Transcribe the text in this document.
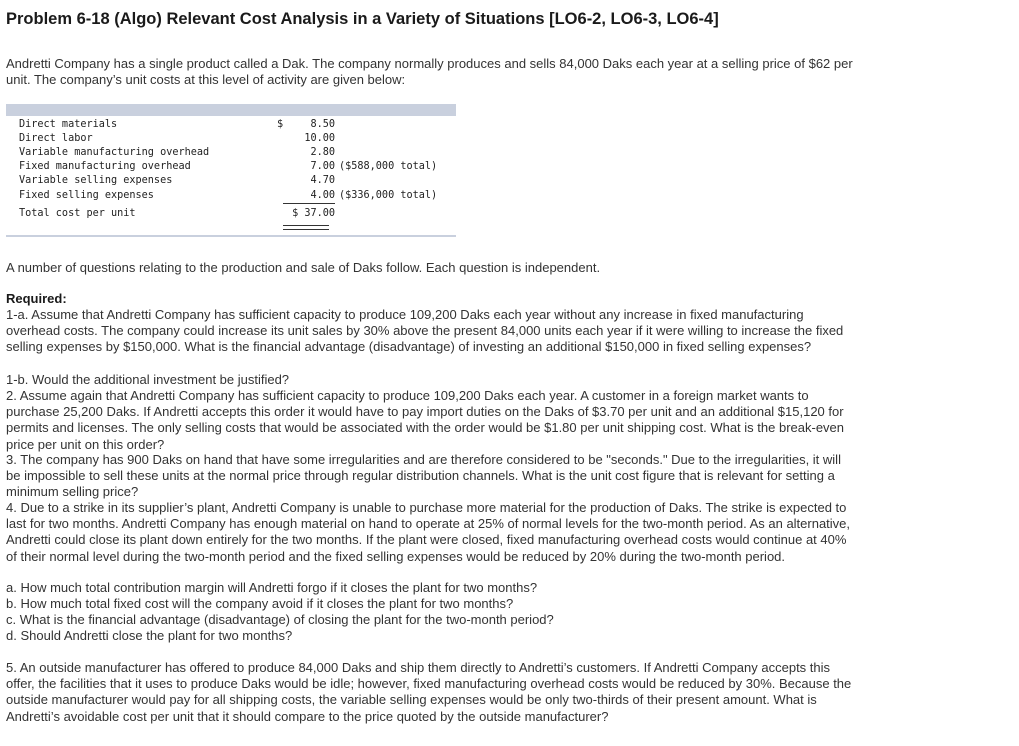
Problem 6-18 (Algo) Relevant Cost Analysis in a Variety of Situations [LO6-2, LO6-3, LO6-4]

Andretti Company has a single product called a Dak. The company normally produces and sells 84,000 Daks each year at a selling price of $62 per unit. The company’s unit costs at this level of activity are given below:

Direct materials	$	8.50
Direct labor	10.00
Variable manufacturing overhead	2.80
Fixed manufacturing overhead	7.00 ($588,000 total)
Variable selling expenses	4.70
Fixed selling expenses	4.00 ($336,000 total)
Total cost per unit	$ 37.00

A number of questions relating to the production and sale of Daks follow. Each question is independent.

Required:

1-a. Assume that Andretti Company has sufficient capacity to produce 109,200 Daks each year without any increase in fixed manufacturing overhead costs. The company could increase its unit sales by 30% above the present 84,000 units each year if it were willing to increase the fixed selling expenses by $150,000. What is the financial advantage (disadvantage) of investing an additional $150,000 in fixed selling expenses?

1-b. Would the additional investment be justified?

2. Assume again that Andretti Company has sufficient capacity to produce 109,200 Daks each year. A customer in a foreign market wants to purchase 25,200 Daks. If Andretti accepts this order it would have to pay import duties on the Daks of $3.70 per unit and an additional $15,120 for permits and licenses. The only selling costs that would be associated with the order would be $1.80 per unit shipping cost. What is the break-even price per unit on this order?

3. The company has 900 Daks on hand that have some irregularities and are therefore considered to be "seconds." Due to the irregularities, it will be impossible to sell these units at the normal price through regular distribution channels. What is the unit cost figure that is relevant for setting a minimum selling price?

4. Due to a strike in its supplier’s plant, Andretti Company is unable to purchase more material for the production of Daks. The strike is expected to last for two months. Andretti Company has enough material on hand to operate at 25% of normal levels for the two-month period. As an alternative, Andretti could close its plant down entirely for the two months. If the plant were closed, fixed manufacturing overhead costs would continue at 40% of their normal level during the two-month period and the fixed selling expenses would be reduced by 20% during the two-month period.

a. How much total contribution margin will Andretti forgo if it closes the plant for two months?

b. How much total fixed cost will the company avoid if it closes the plant for two months?

c. What is the financial advantage (disadvantage) of closing the plant for the two-month period?

d. Should Andretti close the plant for two months?

5. An outside manufacturer has offered to produce 84,000 Daks and ship them directly to Andretti’s customers. If Andretti Company accepts this offer, the facilities that it uses to produce Daks would be idle; however, fixed manufacturing overhead costs would be reduced by 30%. Because the outside manufacturer would pay for all shipping costs, the variable selling expenses would be only two-thirds of their present amount. What is Andretti’s avoidable cost per unit that it should compare to the price quoted by the outside manufacturer?
